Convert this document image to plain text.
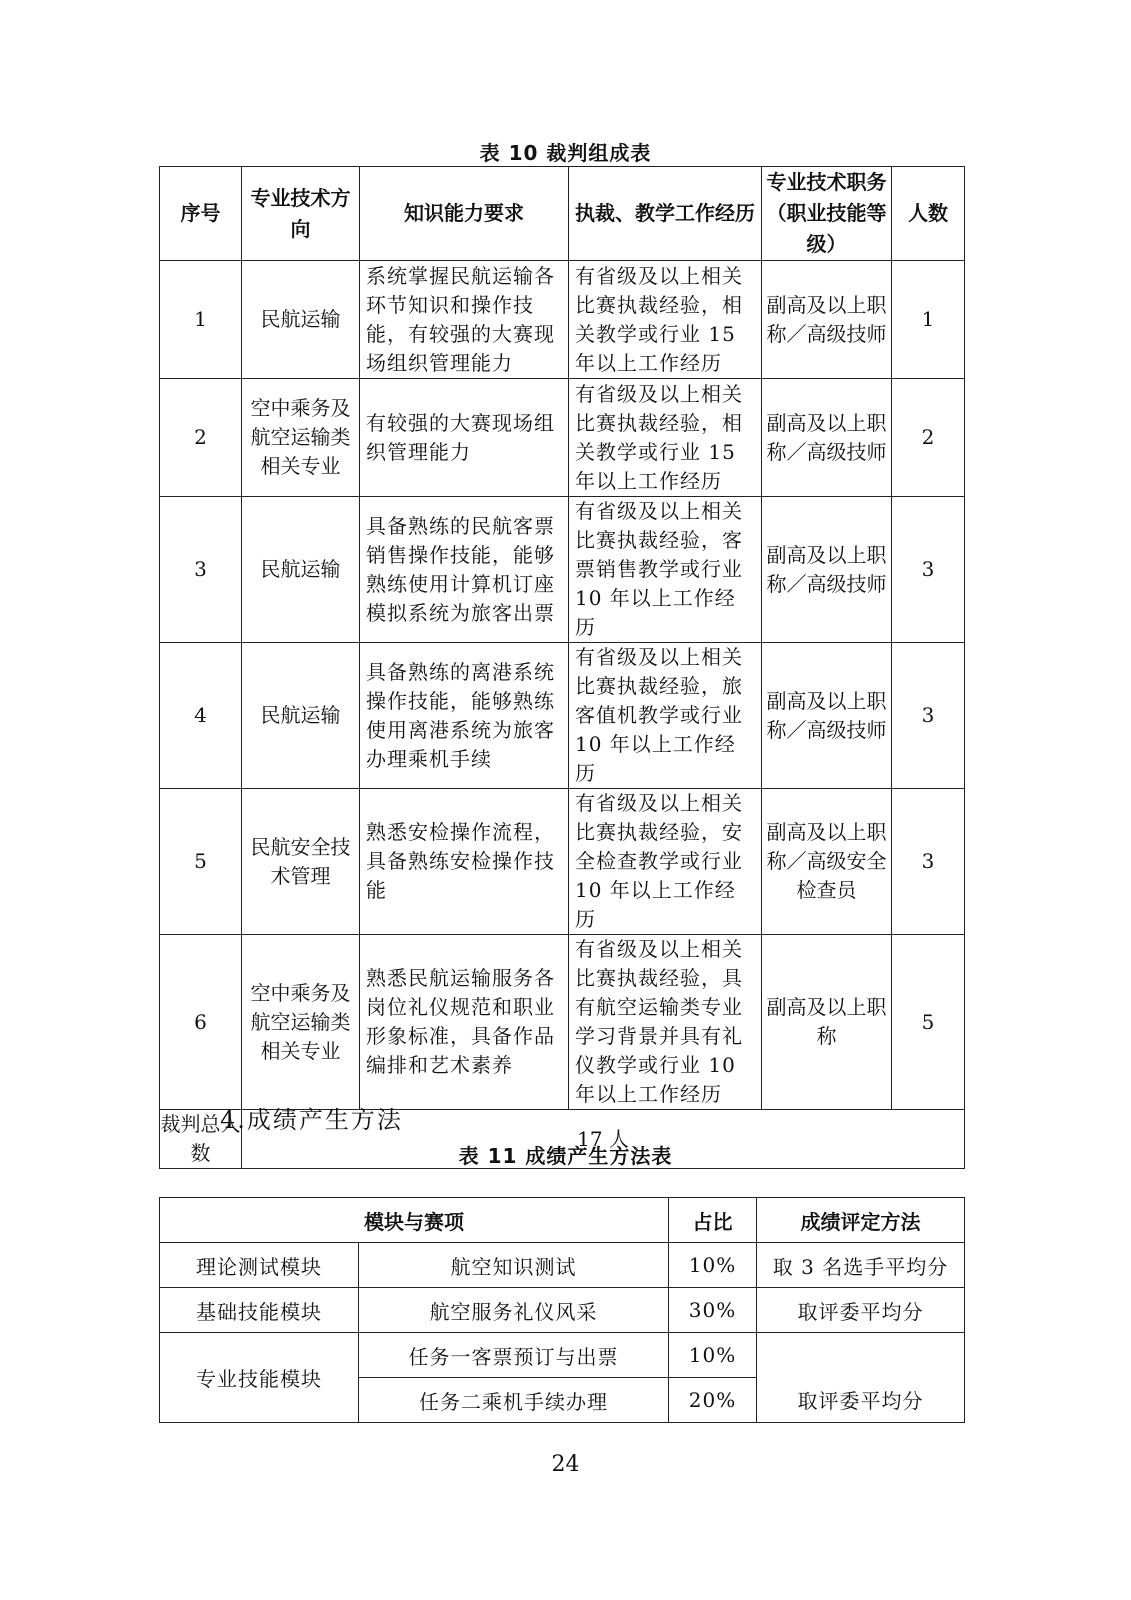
表 10 裁判组成表
序号	专业技术方向	知识能力要求	执裁、教学工作经历	专业技术职务（职业技能等级）	人数
1	民航运输	系统掌握民航运输各环节知识和操作技能，有较强的大赛现场组织管理能力	有省级及以上相关比赛执裁经验，相关教学或行业 15 年以上工作经历	副高及以上职称／高级技师	1
2	空中乘务及航空运输类相关专业	有较强的大赛现场组织管理能力	有省级及以上相关比赛执裁经验，相关教学或行业 15 年以上工作经历	副高及以上职称／高级技师	2
3	民航运输	具备熟练的民航客票销售操作技能，能够熟练使用计算机订座模拟系统为旅客出票	有省级及以上相关比赛执裁经验，客票销售教学或行业 10 年以上工作经历	副高及以上职称／高级技师	3
4	民航运输	具备熟练的离港系统操作技能，能够熟练使用离港系统为旅客办理乘机手续	有省级及以上相关比赛执裁经验，旅客值机教学或行业 10 年以上工作经历	副高及以上职称／高级技师	3
5	民航安全技术管理	熟悉安检操作流程，具备熟练安检操作技能	有省级及以上相关比赛执裁经验，安全检查教学或行业 10 年以上工作经历	副高及以上职称／高级安全检查员	3
6	空中乘务及航空运输类相关专业	熟悉民航运输服务各岗位礼仪规范和职业形象标准，具备作品编排和艺术素养	有省级及以上相关比赛执裁经验，具有航空运输类专业学习背景并具有礼仪教学或行业 10 年以上工作经历	副高及以上职称	5
裁判总人数	17 人				
4.成绩产生方法
表 11 成绩产生方法表
模块与赛项		占比	成绩评定方法
理论测试模块	航空知识测试	10%	取 3 名选手平均分
基础技能模块	航空服务礼仪风采	30%	取评委平均分
专业技能模块	任务一客票预订与出票	10%	取评委平均分
	任务二乘机手续办理	20%	
24
